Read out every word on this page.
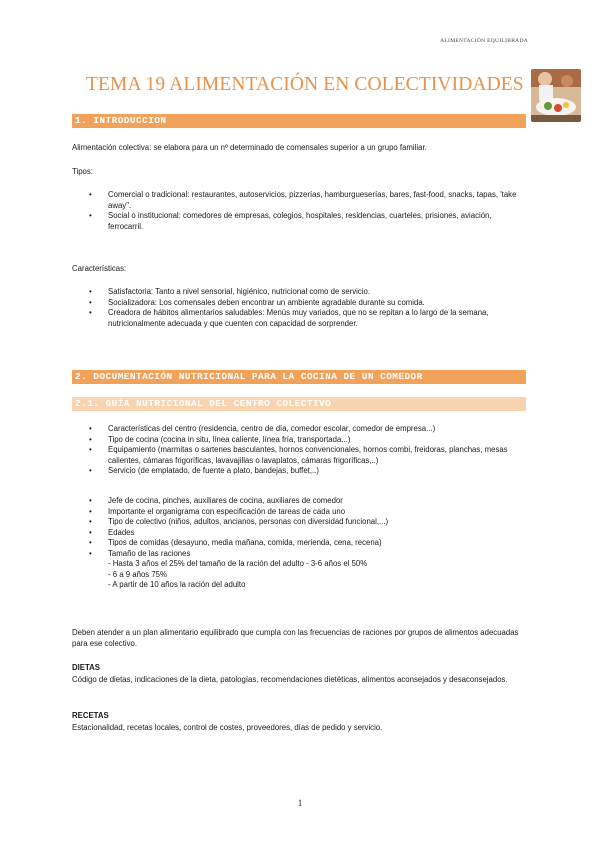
ALIMENTACIÓN EQUILIBRADA
TEMA 19 ALIMENTACIÓN EN COLECTIVIDADES
1. INTRODUCCION
Alimentación colectiva: se elabora para un nº determinado de comensales superior a un grupo familiar.
Tipos:
• Comercial o tradicional: restaurantes, autoservicios, pizzerías, hamburgueserías, bares, fast-food, snacks, tapas, 'take away".
• Social o institucional: comedores de empresas, colegios, hospitales, residencias, cuarteles, prisiones, aviación, ferrocarril.
Características:
• Satisfactoria: Tanto a nivel sensorial, higiénico, nutricional como de servicio.
• Socializadora: Los comensales deben encontrar un ambiente agradable durante su comida.
• Creadora de hábitos alimentarios saludables: Menús muy variados, que no se repitan a lo largo de la semana, nutricionalmente adecuada y que cuenten con capacidad de sorprender.
2. DOCUMENTACIÓN NUTRICIONAL PARA LA COCINA DE UN COMEDOR
2.1. GUÍA NUTRICIONAL DEL CENTRO COLECTIVO
• Características del centro (residencia, centro de día, comedor escolar, comedor de empresa...)
• Tipo de cocina (cocina in situ, línea caliente, línea fría, transportada...)
• Equipamiento (marmitas o sartenes basculantes, hornos convencionales, hornos combi, freidoras, planchas, mesas calientes, cámaras frigoríficas, lavavajillas o lavaplatos, cámaras frigoríficas,..)
• Servicio (de emplatado, de fuente a plato, bandejas, buffet,..)
• Jefe de cocina, pinches, auxiliares de cocina, auxiliares de comedor
• Importante el organigrama con especificación de tareas de cada uno
• Tipo de colectivo (niños, adultos, ancianos, personas con diversidad funcional,...)
• Edades
• Tipos de comidas (desayuno, media mañana, comida, merienda, cena, recena)
• Tamaño de las raciones
- Hasta 3 años el 25% del tamaño de la ración del adulto - 3-6 años el 50%
- 6 a 9 años 75%
- A partir de 10 años la ración del adulto
Deben atender a un plan alimentario equilibrado que cumpla con las frecuencias de raciones por grupos de alimentos adecuadas para ese colectivo.
DIETAS
Código de dietas, indicaciones de la dieta, patologías, recomendaciones dietéticas, alimentos aconsejados y desaconsejados.
RECETAS
Estacionalidad, recetas locales, control de costes, proveedores, días de pedido y servicio.
1
